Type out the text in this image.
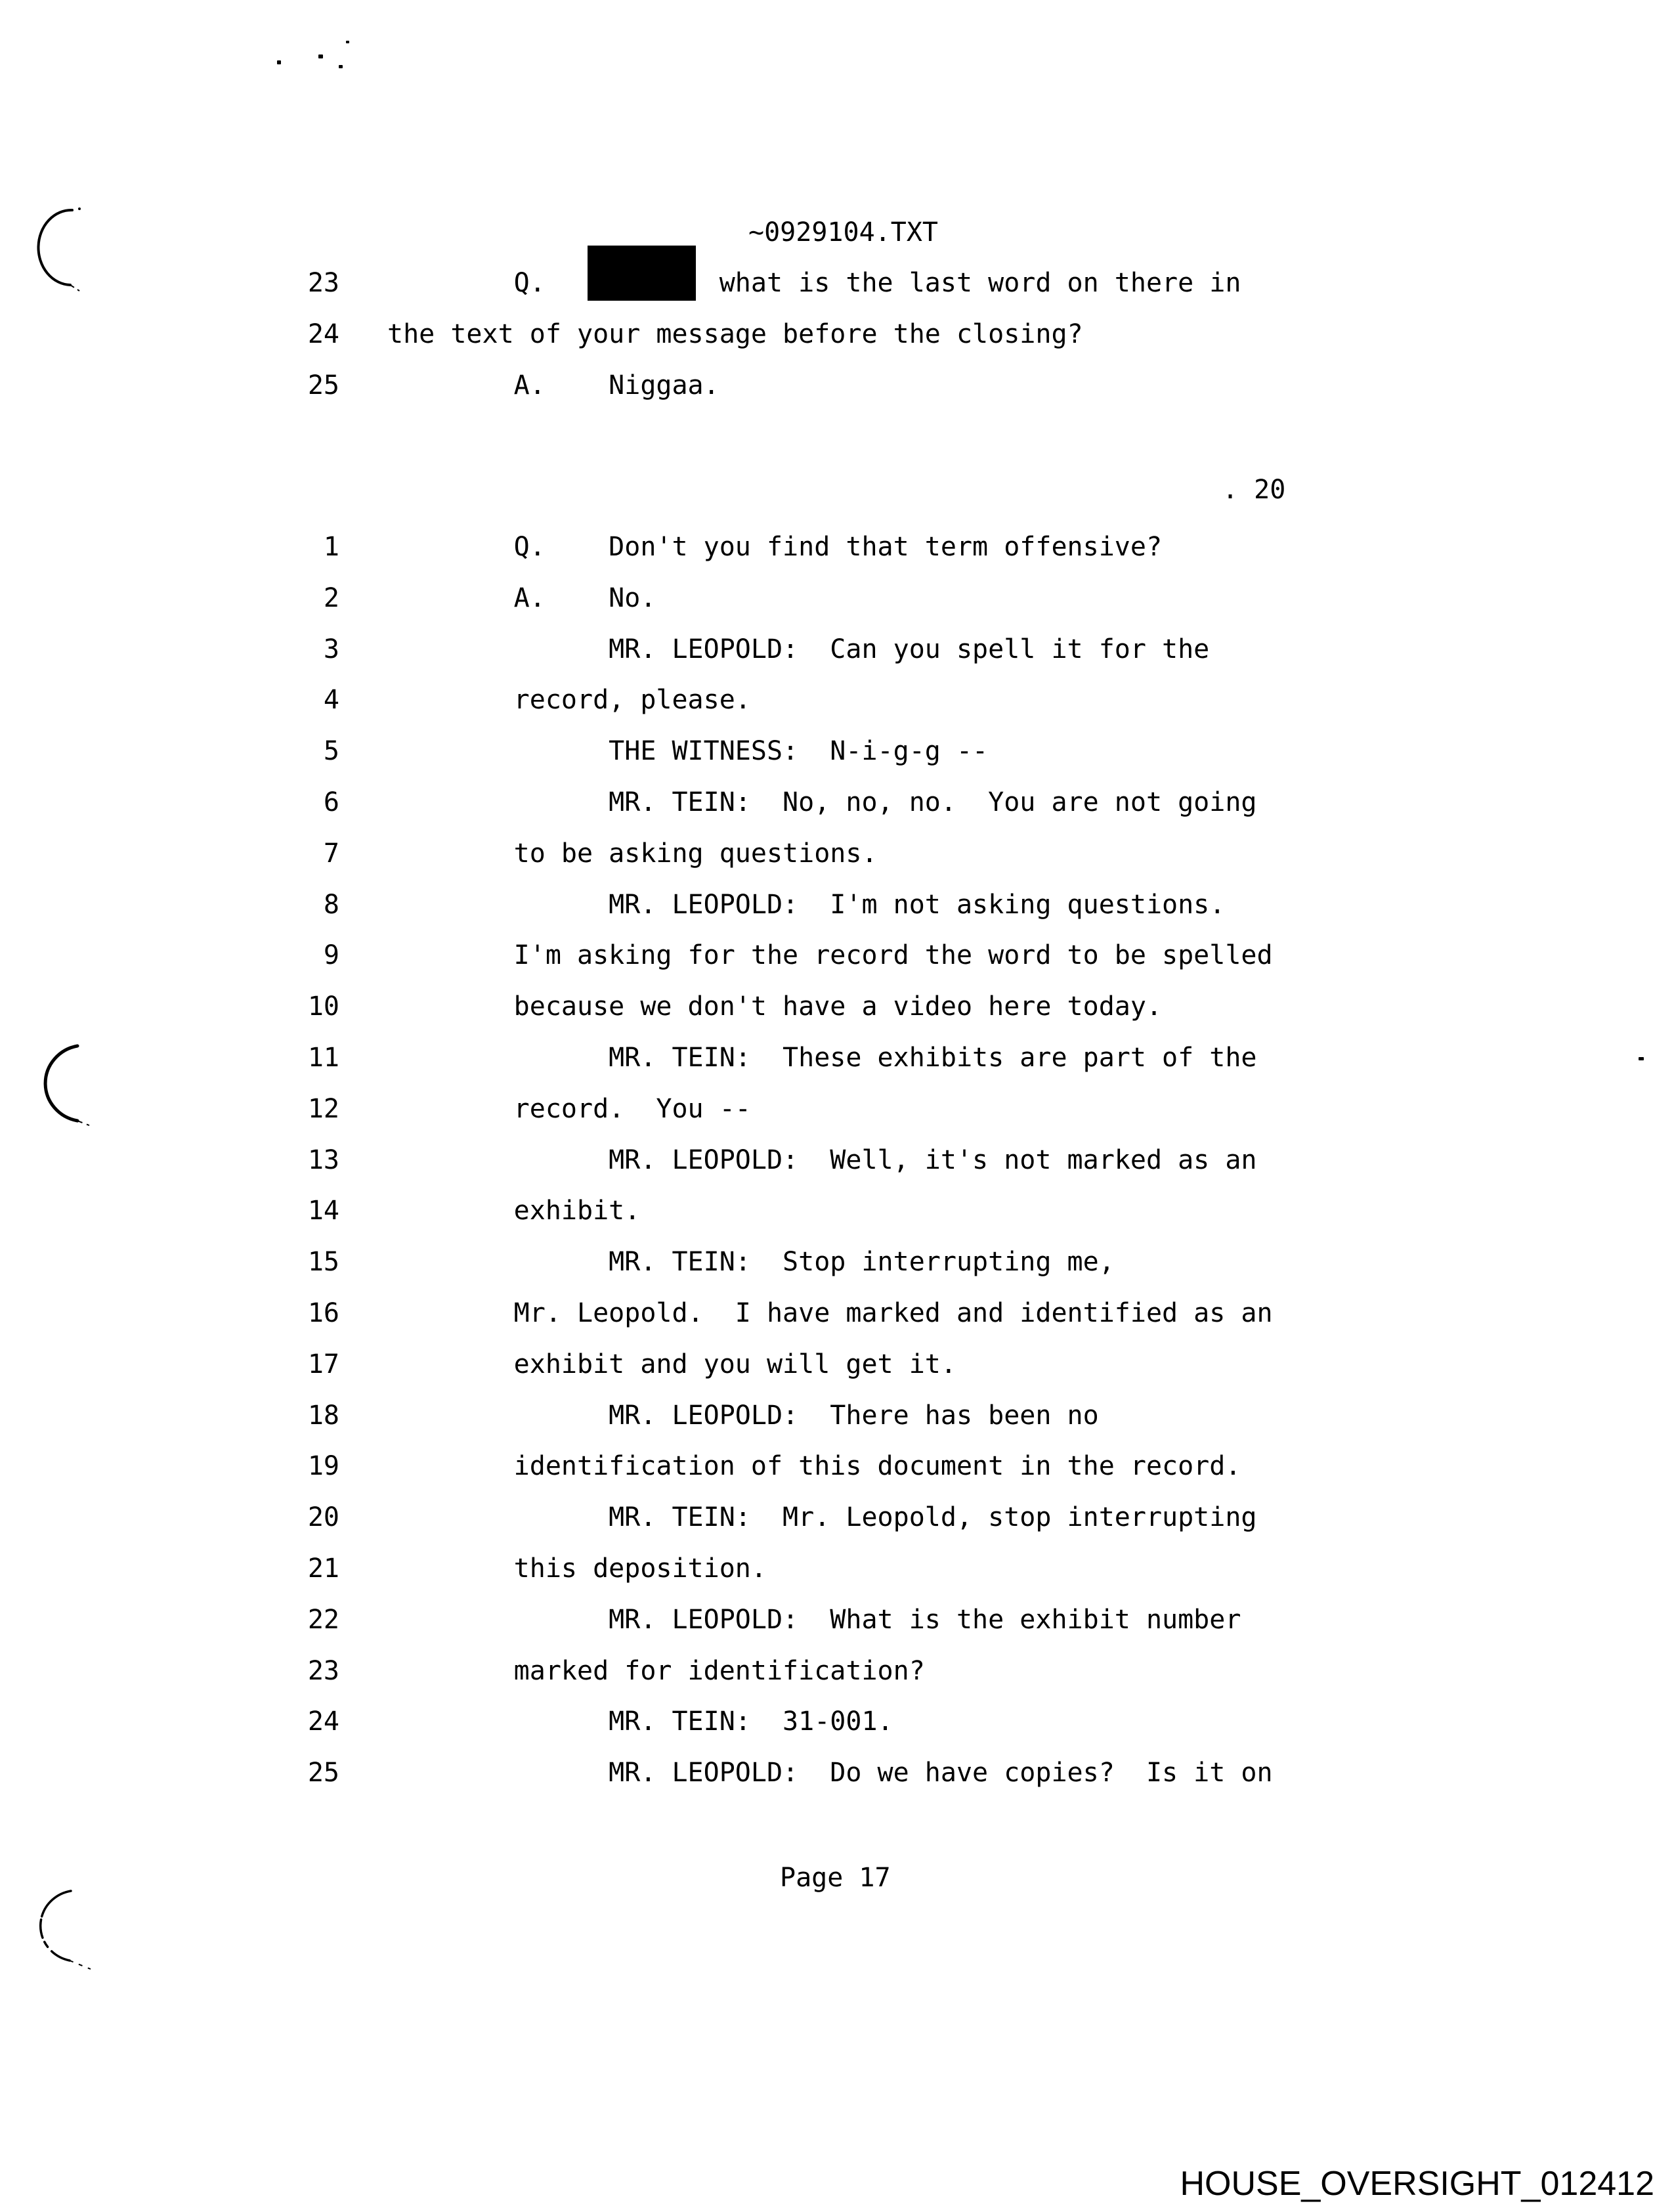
~0929104.TXT
23 Q.           what is the last word on there in
24 the text of your message before the closing?
25 A.    Niggaa.
. 20
1 Q.    Don't you find that term offensive?
2 A.    No.
3 MR. LEOPOLD:  Can you spell it for the
4 record, please.
5 THE WITNESS:  N-i-g-g --
6 MR. TEIN:  No, no, no.  You are not going
7 to be asking questions.
8 MR. LEOPOLD:  I'm not asking questions.
9 I'm asking for the record the word to be spelled
10 because we don't have a video here today.
11 MR. TEIN:  These exhibits are part of the
12 record.  You --
13 MR. LEOPOLD:  Well, it's not marked as an
14 exhibit.
15 MR. TEIN:  Stop interrupting me,
16 Mr. Leopold.  I have marked and identified as an
17 exhibit and you will get it.
18 MR. LEOPOLD:  There has been no
19 identification of this document in the record.
20 MR. TEIN:  Mr. Leopold, stop interrupting
21 this deposition.
22 MR. LEOPOLD:  What is the exhibit number
23 marked for identification?
24 MR. TEIN:  31-001.
25 MR. LEOPOLD:  Do we have copies?  Is it on
Page 17
HOUSE_OVERSIGHT_012412
